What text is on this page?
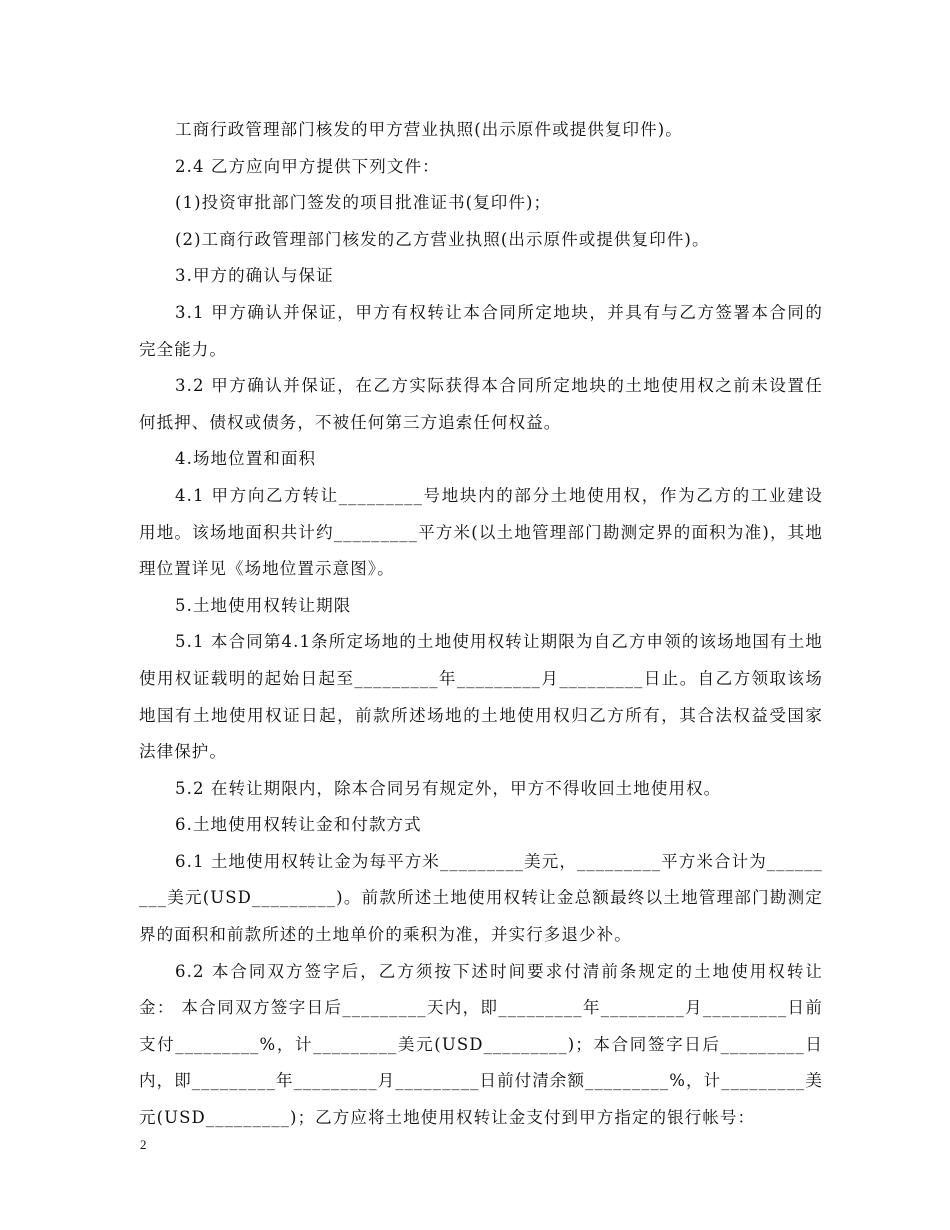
工商行政管理部门核发的甲方营业执照(出示原件或提供复印件)。

2.4 乙方应向甲方提供下列文件：

(1)投资审批部门签发的项目批准证书(复印件)；

(2)工商行政管理部门核发的乙方营业执照(出示原件或提供复印件)。

3.甲方的确认与保证

3.1 甲方确认并保证，甲方有权转让本合同所定地块，并具有与乙方签署本合同的完全能力。

3.2 甲方确认并保证，在乙方实际获得本合同所定地块的土地使用权之前未设置任何抵押、债权或债务，不被任何第三方追索任何权益。

4.场地位置和面积

4.1 甲方向乙方转让_________号地块内的部分土地使用权，作为乙方的工业建设用地。该场地面积共计约_________平方米(以土地管理部门勘测定界的面积为准)，其地理位置详见《场地位置示意图》。

5.土地使用权转让期限

5.1 本合同第4.1条所定场地的土地使用权转让期限为自乙方申领的该场地国有土地使用权证载明的起始日起至_________年_________月_________日止。自乙方领取该场地国有土地使用权证日起，前款所述场地的土地使用权归乙方所有，其合法权益受国家法律保护。

5.2 在转让期限内，除本合同另有规定外，甲方不得收回土地使用权。

6.土地使用权转让金和付款方式

6.1 土地使用权转让金为每平方米_________美元，_________平方米合计为_________美元(USD_________)。前款所述土地使用权转让金总额最终以土地管理部门勘测定界的面积和前款所述的土地单价的乘积为准，并实行多退少补。

6.2 本合同双方签字后，乙方须按下述时间要求付清前条规定的土地使用权转让金： 本合同双方签字日后_________天内，即_________年_________月_________日前支付_________%，计_________美元(USD_________)；本合同签字日后_________日内，即_________年_________月_________日前付清余额_________%，计_________美元(USD_________)；乙方应将土地使用权转让金支付到甲方指定的银行帐号：

2
